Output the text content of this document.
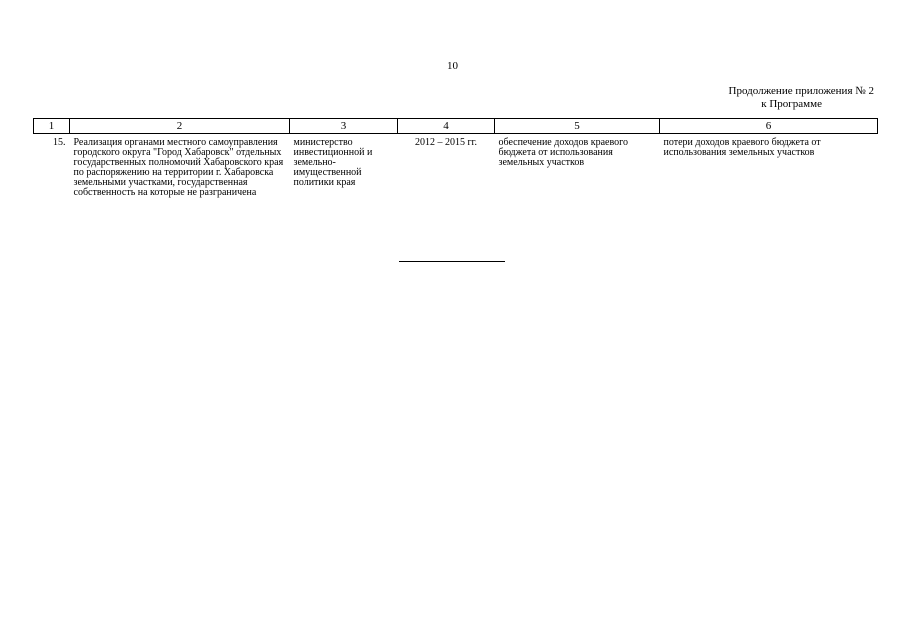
10
Продолжение приложения № 2
к Программе
1	2	3	4	5	6
15.	Реализация органами местного самоуправления городского округа "Город Хабаровск" отдельных государственных полномочий Хабаровского края по распоряжению на территории г. Хабаровска земельными участками, государственная собственность на которые не разграничена	министерство инвестиционной и земельно-имущественной политики края	2012 – 2015 гг.	обеспечение доходов краевого бюджета от использования земельных участков	потери доходов краевого бюджета от использования земельных участков
